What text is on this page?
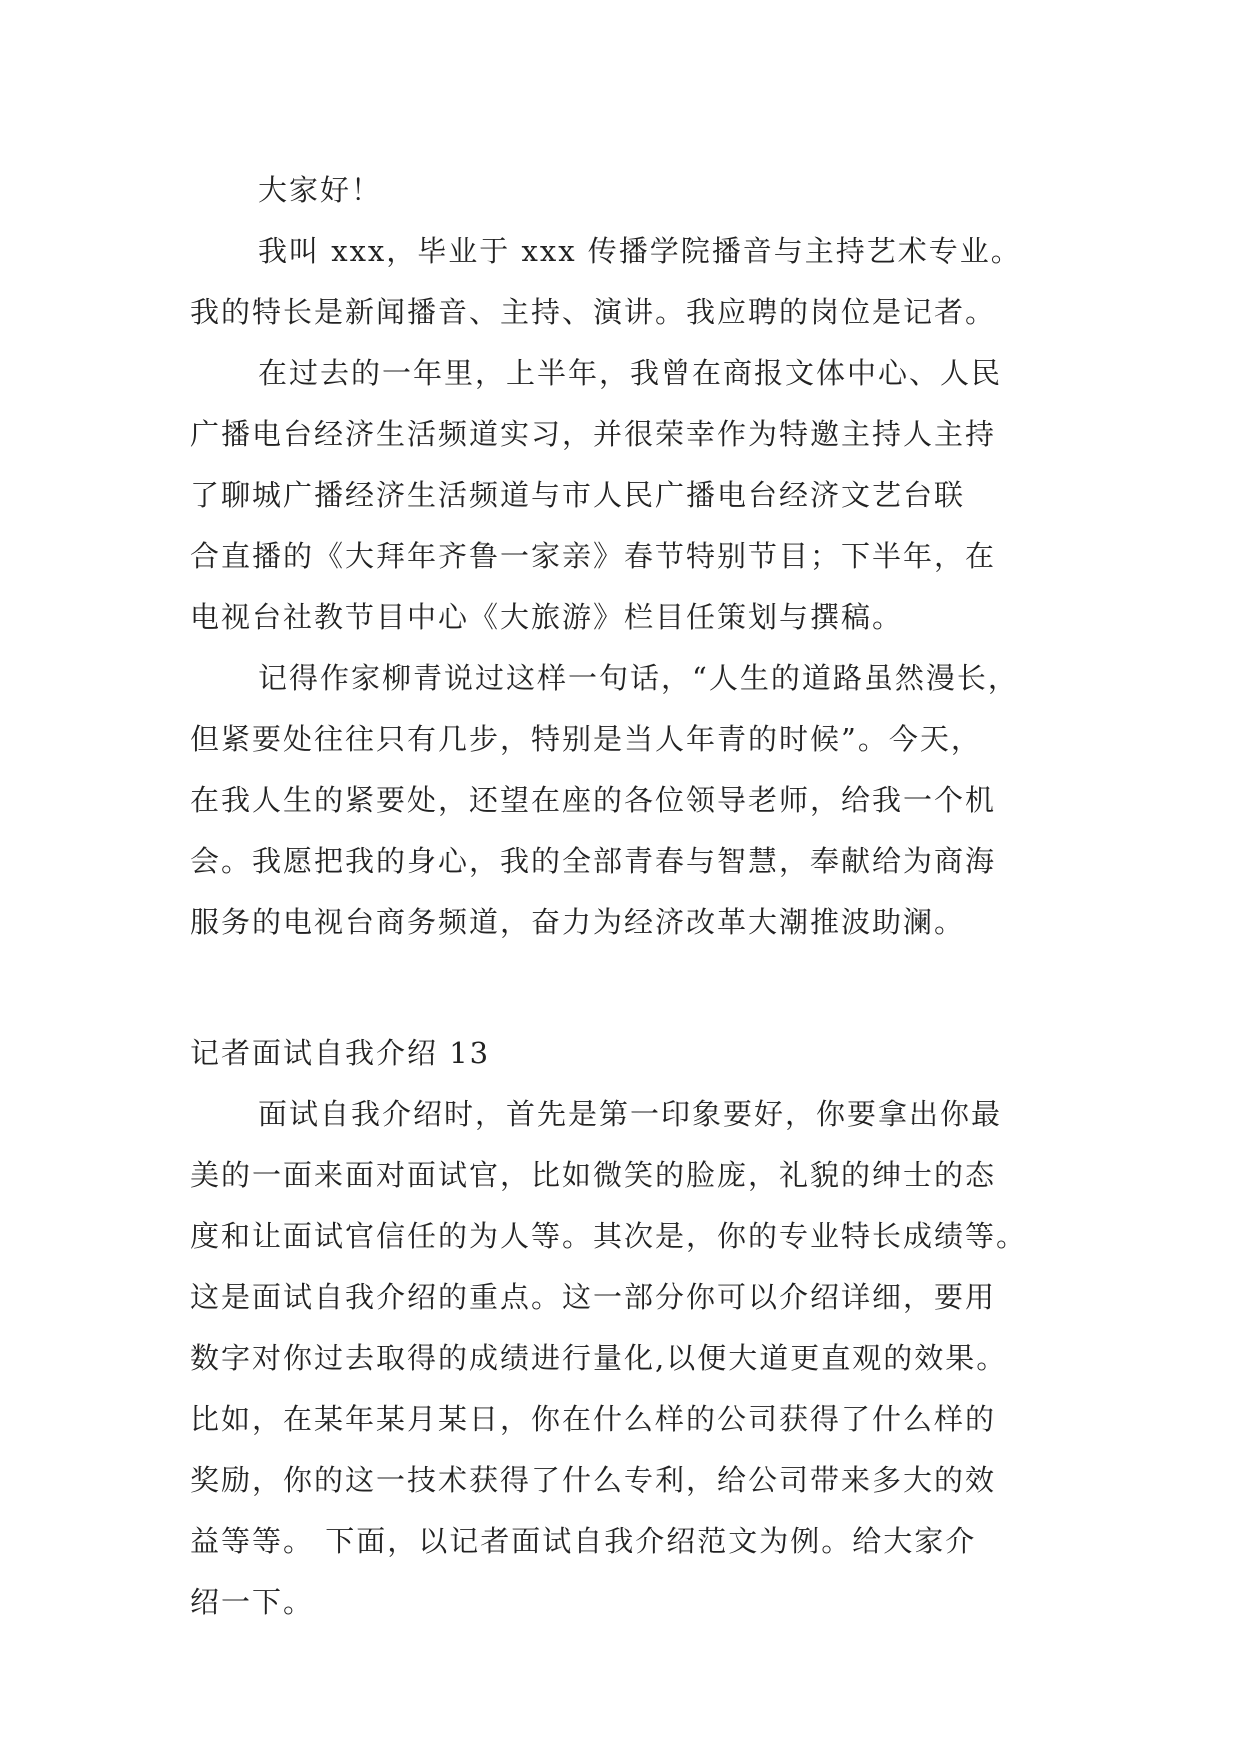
大家好！
我叫 xxx，毕业于 xxx 传播学院播音与主持艺术专业。
我的特长是新闻播音、主持、演讲。我应聘的岗位是记者。
在过去的一年里，上半年，我曾在商报文体中心、人民
广播电台经济生活频道实习，并很荣幸作为特邀主持人主持
了聊城广播经济生活频道与市人民广播电台经济文艺台联
合直播的《大拜年齐鲁一家亲》春节特别节目；下半年，在
电视台社教节目中心《大旅游》栏目任策划与撰稿。
记得作家柳青说过这样一句话，“人生的道路虽然漫长，
但紧要处往往只有几步，特别是当人年青的时候”。今天，
在我人生的紧要处，还望在座的各位领导老师，给我一个机
会。我愿把我的身心，我的全部青春与智慧，奉献给为商海
服务的电视台商务频道，奋力为经济改革大潮推波助澜。
记者面试自我介绍 13
面试自我介绍时，首先是第一印象要好，你要拿出你最
美的一面来面对面试官，比如微笑的脸庞，礼貌的绅士的态
度和让面试官信任的为人等。其次是，你的专业特长成绩等。
这是面试自我介绍的重点。这一部分你可以介绍详细，要用
数字对你过去取得的成绩进行量化,以便大道更直观的效果。
比如，在某年某月某日，你在什么样的公司获得了什么样的
奖励，你的这一技术获得了什么专利，给公司带来多大的效
益等等。 下面，以记者面试自我介绍范文为例。给大家介
绍一下。
